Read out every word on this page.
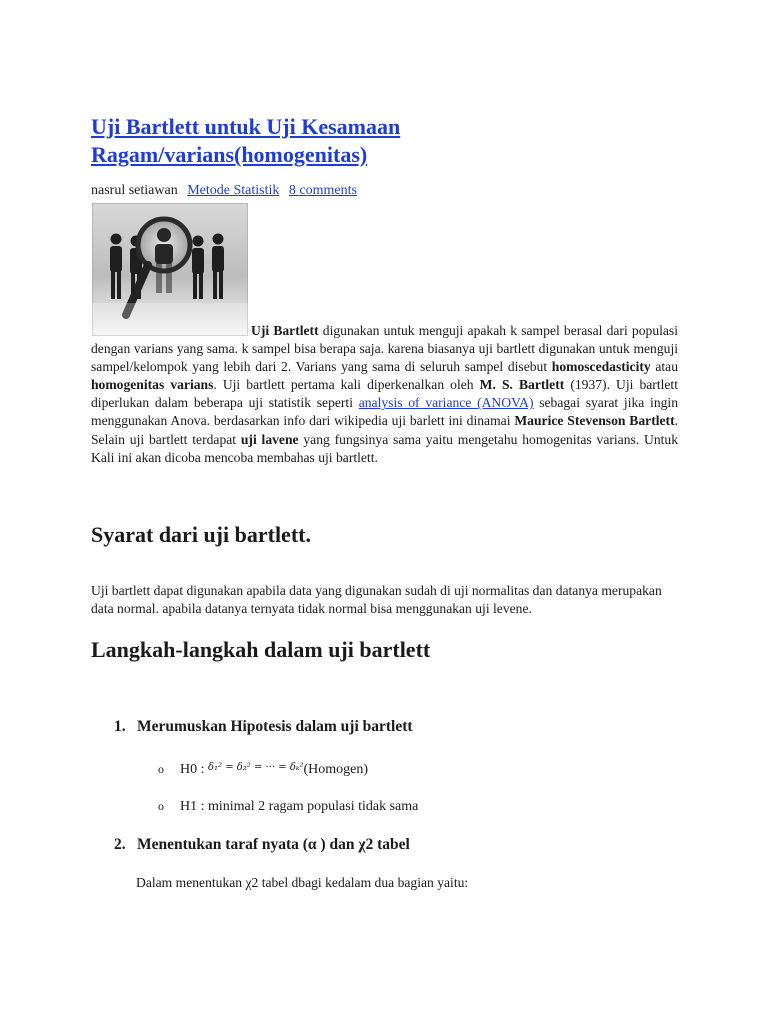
Uji Bartlett untuk Uji Kesamaan
Ragam/varians(homogenitas)
nasrul setiawan Metode Statistik 8 comments

Uji Bartlett digunakan untuk menguji apakah k sampel berasal dari populasi dengan varians yang sama. k sampel bisa berapa saja. karena biasanya uji bartlett digunakan untuk menguji sampel/kelompok yang lebih dari 2. Varians yang sama di seluruh sampel disebut homoscedasticity atau homogenitas varians. Uji bartlett pertama kali diperkenalkan oleh M. S. Bartlett (1937). Uji bartlett diperlukan dalam beberapa uji statistik seperti analysis of variance (ANOVA) sebagai syarat jika ingin menggunakan Anova. berdasarkan info dari wikipedia uji barlett ini dinamai Maurice Stevenson Bartlett. Selain uji bartlett terdapat uji lavene yang fungsinya sama yaitu mengetahu homogenitas varians. Untuk Kali ini akan dicoba mencoba membahas uji bartlett.

Syarat dari uji bartlett.

Uji bartlett dapat digunakan apabila data yang digunakan sudah di uji normalitas dan datanya merupakan data normal. apabila datanya ternyata tidak normal bisa menggunakan uji levene.

Langkah-langkah dalam uji bartlett
1. Merumuskan Hipotesis dalam uji bartlett
o H0 : $^{\delta_1^2 = \delta_2^2 = \cdot\cdot\cdot = \delta_k^2}$(Homogen)
o H1 : minimal 2 ragam populasi tidak sama
2. Menentukan taraf nyata (α ) dan χ2 tabel

Dalam menentukan χ2 tabel dbagi kedalam dua bagian yaitu:
